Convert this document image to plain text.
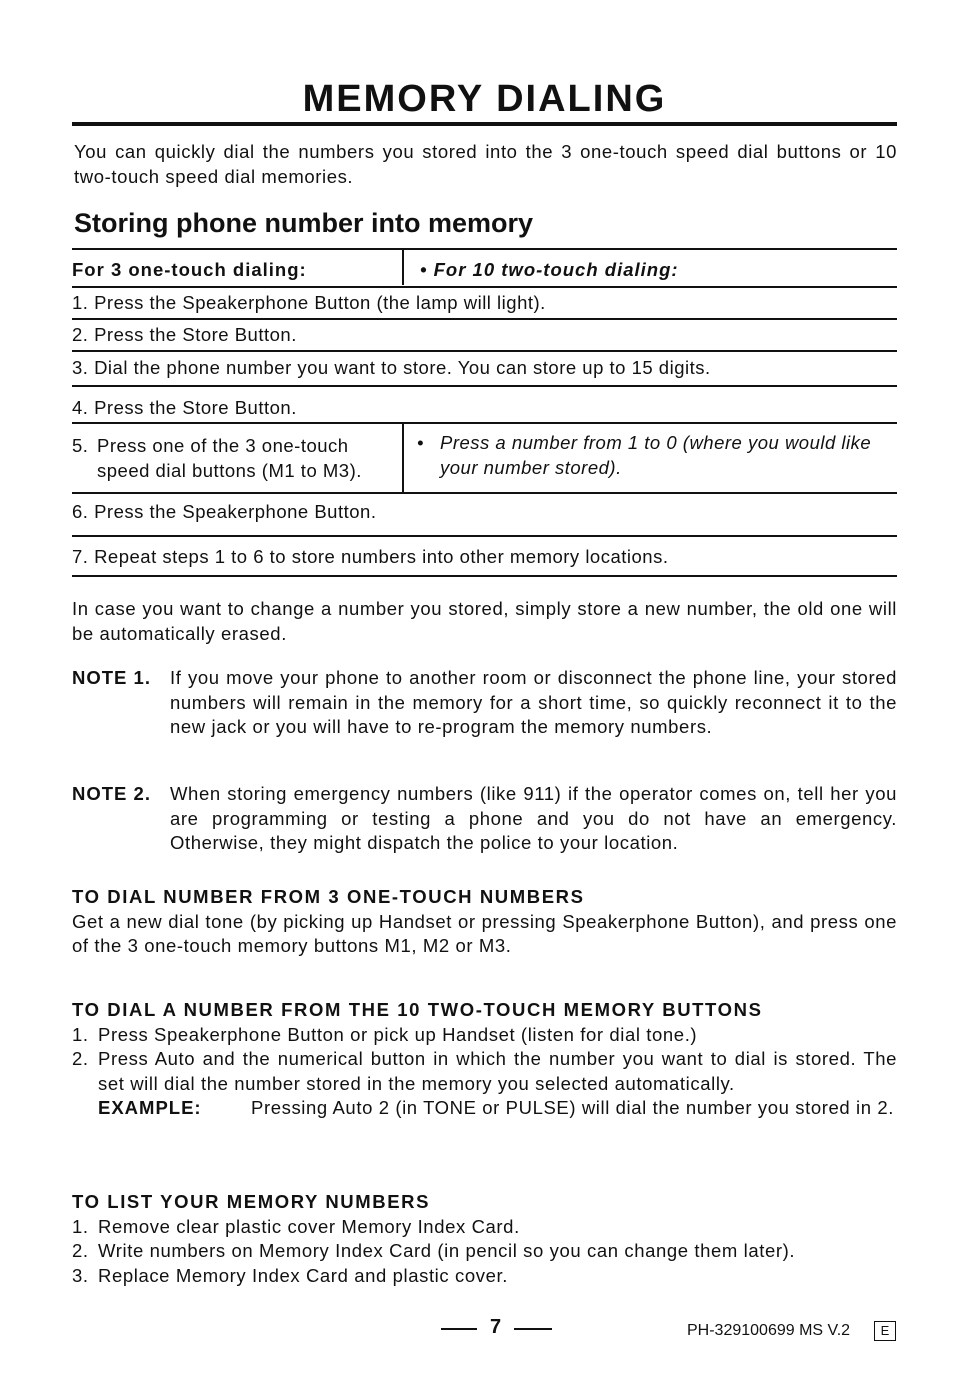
MEMORY DIALING
You can quickly dial the numbers you stored into the 3 one-touch speed dial buttons or 10 two-touch speed dial memories.
Storing phone number into memory
For 3 one-touch dialing:	• For 10 two-touch dialing:
1. Press the Speakerphone Button (the lamp will light).
2. Press the Store Button.
3. Dial the phone number you want to store. You can store up to 15 digits.
4. Press the Store Button.
5. Press one of the 3 one-touch speed dial buttons (M1 to M3).
• Press a number from 1 to 0 (where you would like your number stored).
6. Press the Speakerphone Button.
7. Repeat steps 1 to 6 to store numbers into other memory locations.
In case you want to change a number you stored, simply store a new number, the old one will be automatically erased.
NOTE 1. If you move your phone to another room or disconnect the phone line, your stored numbers will remain in the memory for a short time, so quickly reconnect it to the new jack or you will have to re-program the memory numbers.
NOTE 2. When storing emergency numbers (like 911) if the operator comes on, tell her you are programming or testing a phone and you do not have an emergency. Otherwise, they might dispatch the police to your location.
TO DIAL NUMBER FROM 3 ONE-TOUCH NUMBERS
Get a new dial tone (by picking up Handset or pressing Speakerphone Button), and press one of the 3 one-touch memory buttons M1, M2 or M3.
TO DIAL A NUMBER FROM THE 10 TWO-TOUCH MEMORY BUTTONS
1. Press Speakerphone Button or pick up Handset (listen for dial tone.)
2. Press Auto and the numerical button in which the number you want to dial is stored. The set will dial the number stored in the memory you selected automatically.
EXAMPLE:	Pressing Auto 2 (in TONE or PULSE) will dial the number you stored in 2.
TO LIST YOUR MEMORY NUMBERS
1. Remove clear plastic cover Memory Index Card.
2. Write numbers on Memory Index Card (in pencil so you can change them later).
3. Replace Memory Index Card and plastic cover.
7	PH-329100699 MS V.2	E
